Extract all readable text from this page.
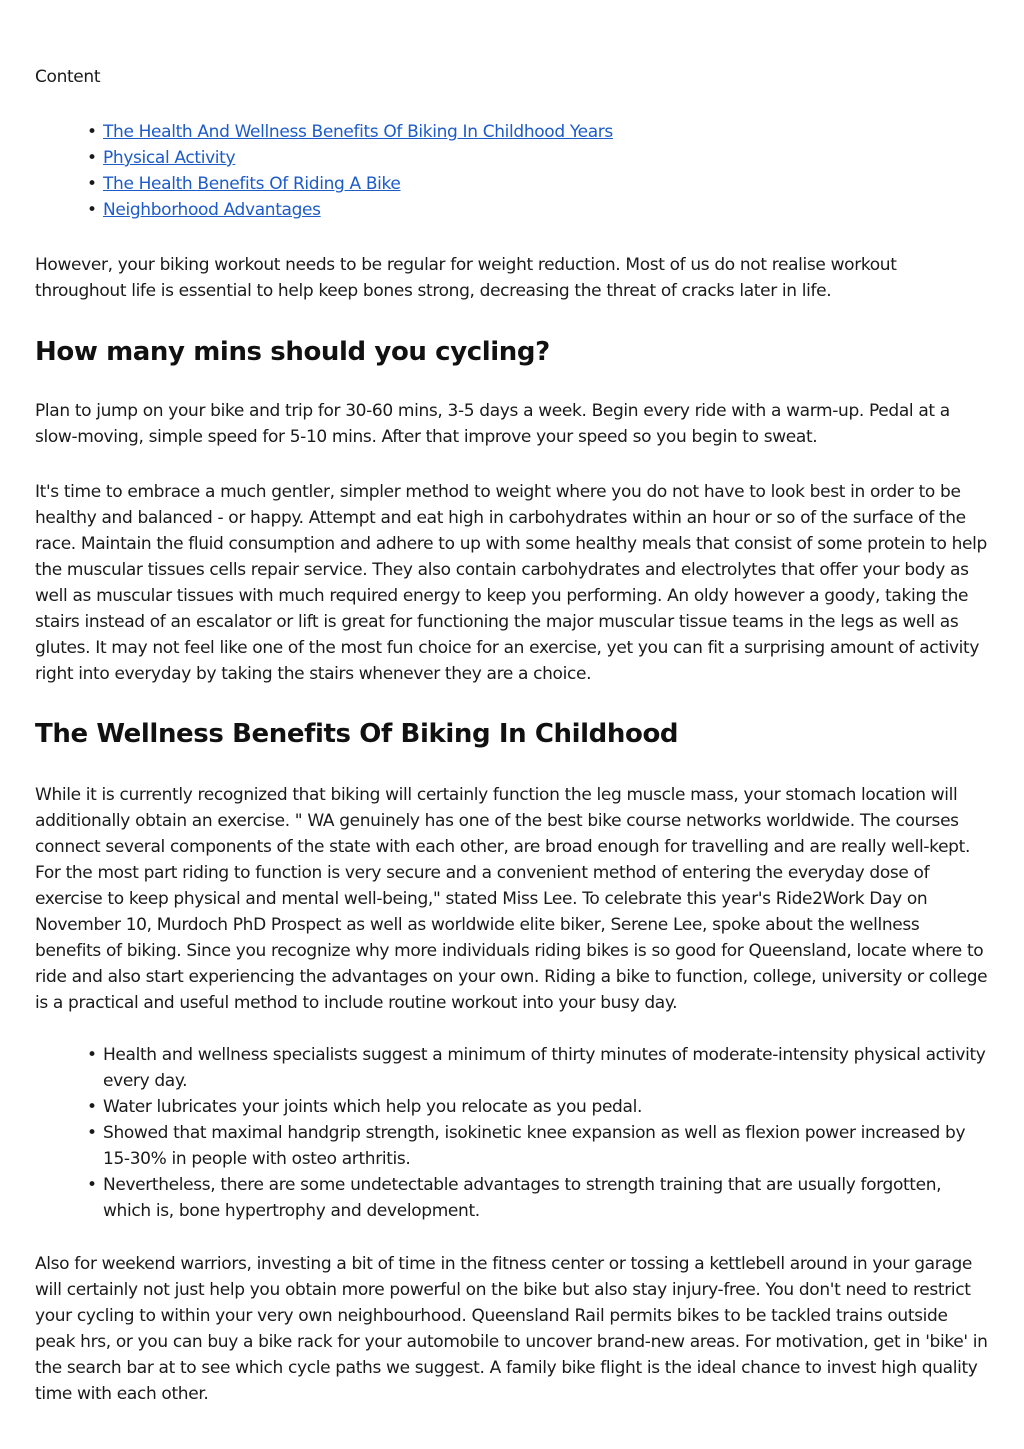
Content

• The Health And Wellness Benefits Of Biking In Childhood Years
• Physical Activity
• The Health Benefits Of Riding A Bike
• Neighborhood Advantages

However, your biking workout needs to be regular for weight reduction. Most of us do not realise workout throughout life is essential to help keep bones strong, decreasing the threat of cracks later in life.

How many mins should you cycling?

Plan to jump on your bike and trip for 30-60 mins, 3-5 days a week. Begin every ride with a warm-up. Pedal at a slow-moving, simple speed for 5-10 mins. After that improve your speed so you begin to sweat.

It's time to embrace a much gentler, simpler method to weight where you do not have to look best in order to be healthy and balanced - or happy. Attempt and eat high in carbohydrates within an hour or so of the surface of the race. Maintain the fluid consumption and adhere to up with some healthy meals that consist of some protein to help the muscular tissues cells repair service. They also contain carbohydrates and electrolytes that offer your body as well as muscular tissues with much required energy to keep you performing. An oldy however a goody, taking the stairs instead of an escalator or lift is great for functioning the major muscular tissue teams in the legs as well as glutes. It may not feel like one of the most fun choice for an exercise, yet you can fit a surprising amount of activity right into everyday by taking the stairs whenever they are a choice.

The Wellness Benefits Of Biking In Childhood

While it is currently recognized that biking will certainly function the leg muscle mass, your stomach location will additionally obtain an exercise. " WA genuinely has one of the best bike course networks worldwide. The courses connect several components of the state with each other, are broad enough for travelling and are really well-kept. For the most part riding to function is very secure and a convenient method of entering the everyday dose of exercise to keep physical and mental well-being," stated Miss Lee. To celebrate this year's Ride2Work Day on November 10, Murdoch PhD Prospect as well as worldwide elite biker, Serene Lee, spoke about the wellness benefits of biking. Since you recognize why more individuals riding bikes is so good for Queensland, locate where to ride and also start experiencing the advantages on your own. Riding a bike to function, college, university or college is a practical and useful method to include routine workout into your busy day.

• Health and wellness specialists suggest a minimum of thirty minutes of moderate-intensity physical activity every day.
• Water lubricates your joints which help you relocate as you pedal.
• Showed that maximal handgrip strength, isokinetic knee expansion as well as flexion power increased by 15-30% in people with osteo arthritis.
• Nevertheless, there are some undetectable advantages to strength training that are usually forgotten, which is, bone hypertrophy and development.

Also for weekend warriors, investing a bit of time in the fitness center or tossing a kettlebell around in your garage will certainly not just help you obtain more powerful on the bike but also stay injury-free. You don't need to restrict your cycling to within your very own neighbourhood. Queensland Rail permits bikes to be tackled trains outside peak hrs, or you can buy a bike rack for your automobile to uncover brand-new areas. For motivation, get in 'bike' in the search bar at to see which cycle paths we suggest. A family bike flight is the ideal chance to invest high quality time with each other.
